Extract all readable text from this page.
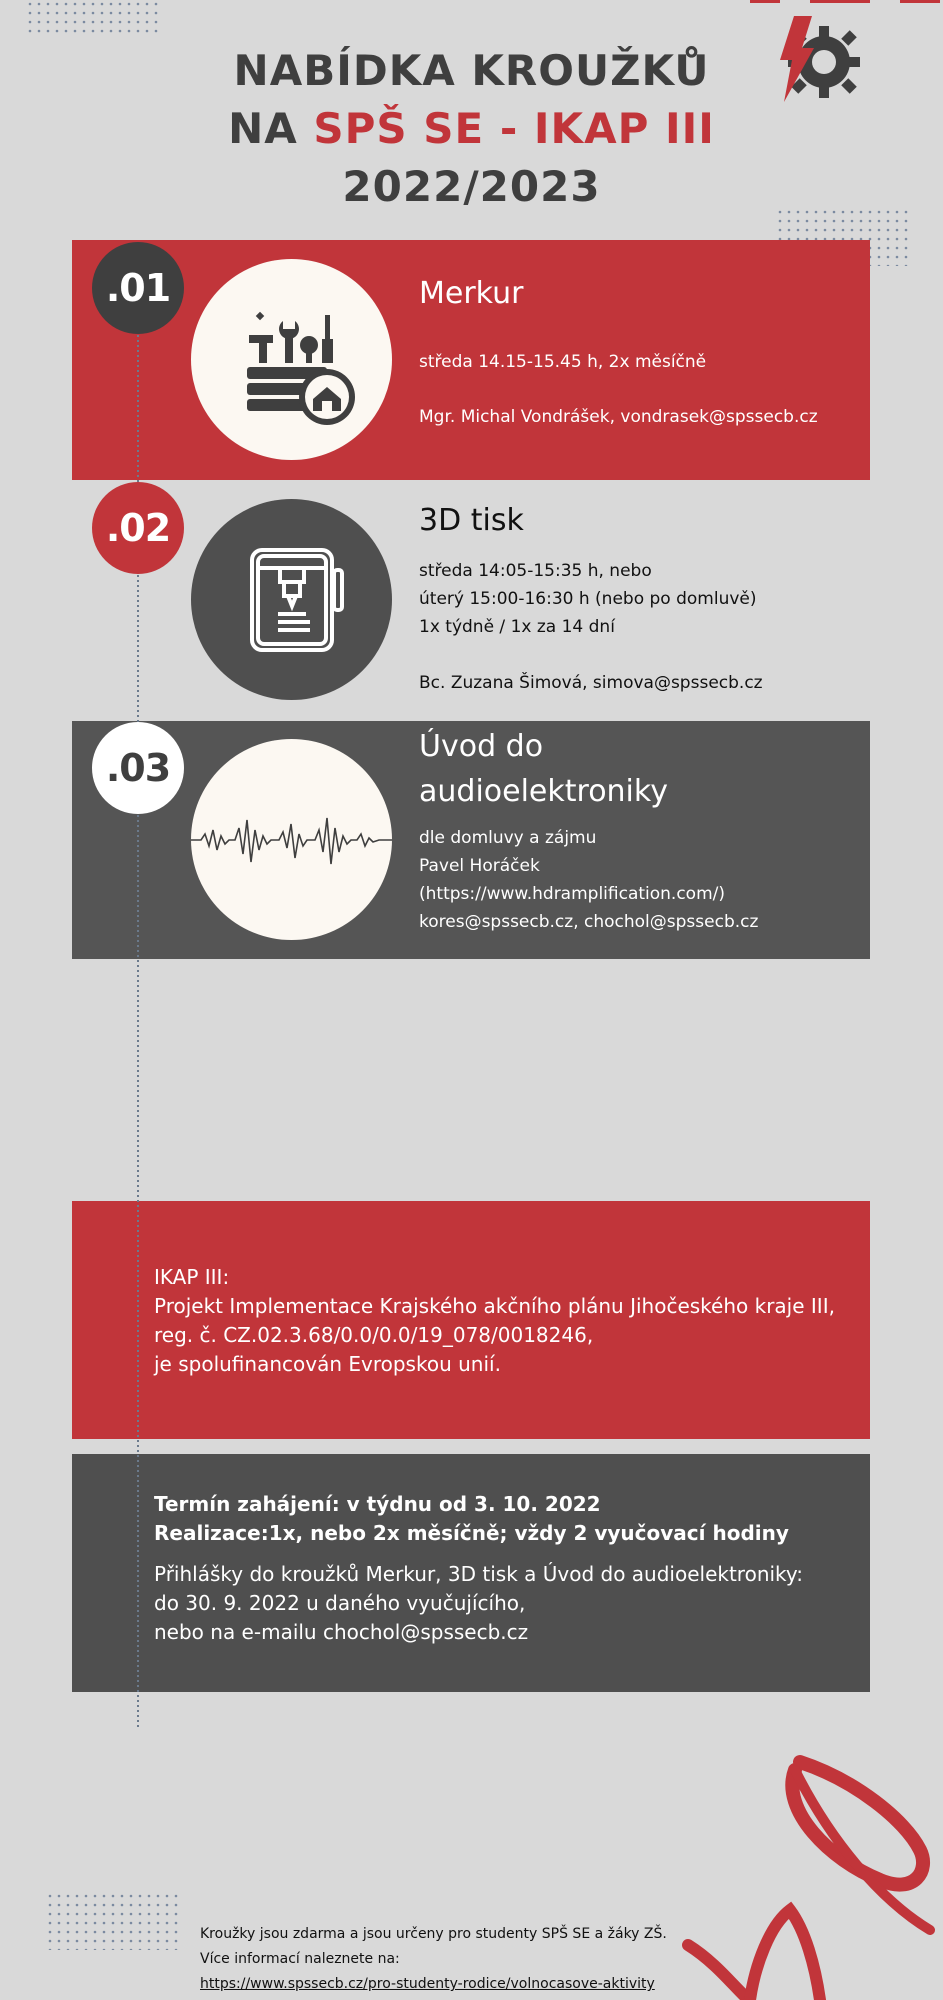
NABÍDKA KROUŽKŮ
NA SPŠ SE - IKAP III
2022/2023
.01
.02
.03
Merkur
středa 14.15-15.45 h, 2x měsíčně
Mgr. Michal Vondrášek, vondrasek@spssecb.cz
3D tisk
středa 14:05-15:35 h, nebo
úterý 15:00-16:30 h (nebo po domluvě)
1x týdně / 1x za 14 dní
Bc. Zuzana Šimová, simova@spssecb.cz
Úvod do
audioelektroniky
dle domluvy a zájmu
Pavel Horáček
(https://www.hdramplification.com/)
kores@spssecb.cz, chochol@spssecb.cz
IKAP III:
Projekt Implementace Krajského akčního plánu Jihočeského kraje III,
reg. č. CZ.02.3.68/0.0/0.0/19_078/0018246,
je spolufinancován Evropskou unií.
Termín zahájení: v týdnu od 3. 10. 2022
Realizace:1x, nebo 2x měsíčně; vždy 2 vyučovací hodiny
Přihlášky do kroužků Merkur, 3D tisk a Úvod do audioelektroniky:
do 30. 9. 2022 u daného vyučujícího,
nebo na e-mailu chochol@spssecb.cz
Kroužky jsou zdarma a jsou určeny pro studenty SPŠ SE a žáky ZŠ.
Více informací naleznete na:
https://www.spssecb.cz/pro-studenty-rodice/volnocasove-aktivity
